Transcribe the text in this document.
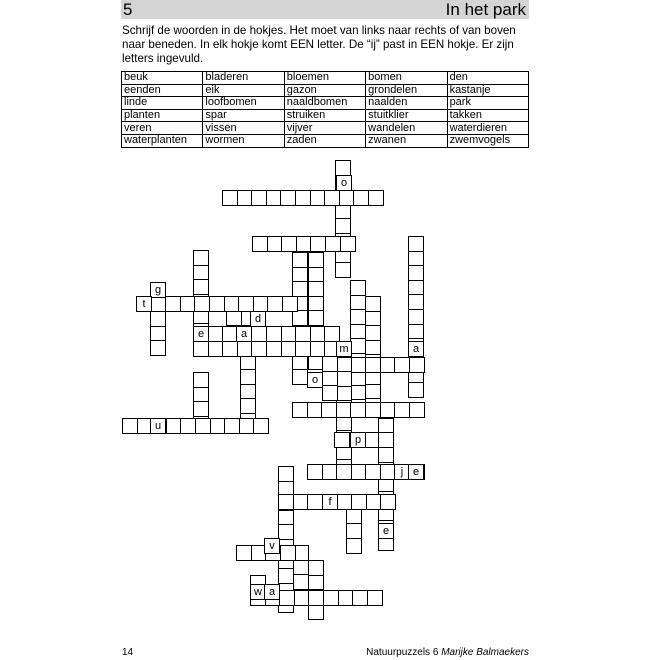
5	In het park

Schrijf de woorden in de hokjes. Het moet van links naar rechts of van boven naar beneden. In elk hokje komt EEN letter. De “ij” past in EEN hokje. Er zijn letters ingevuld.

beuk	bladeren	bloemen	bomen	den
eenden	eik	gazon	grondelen	kastanje
linde	loofbomen	naaldbomen	naalden	park
planten	spar	struiken	stuitklier	takken
veren	vissen	vijver	wandelen	waterdieren
waterplanten	wormen	zaden	zwanen	zwemvogels
o
g
t
d
e	a
m	a
o
u
p
j e
f
e
v
w a
14	Natuurpuzzels 6 Marijke Balmaekers
